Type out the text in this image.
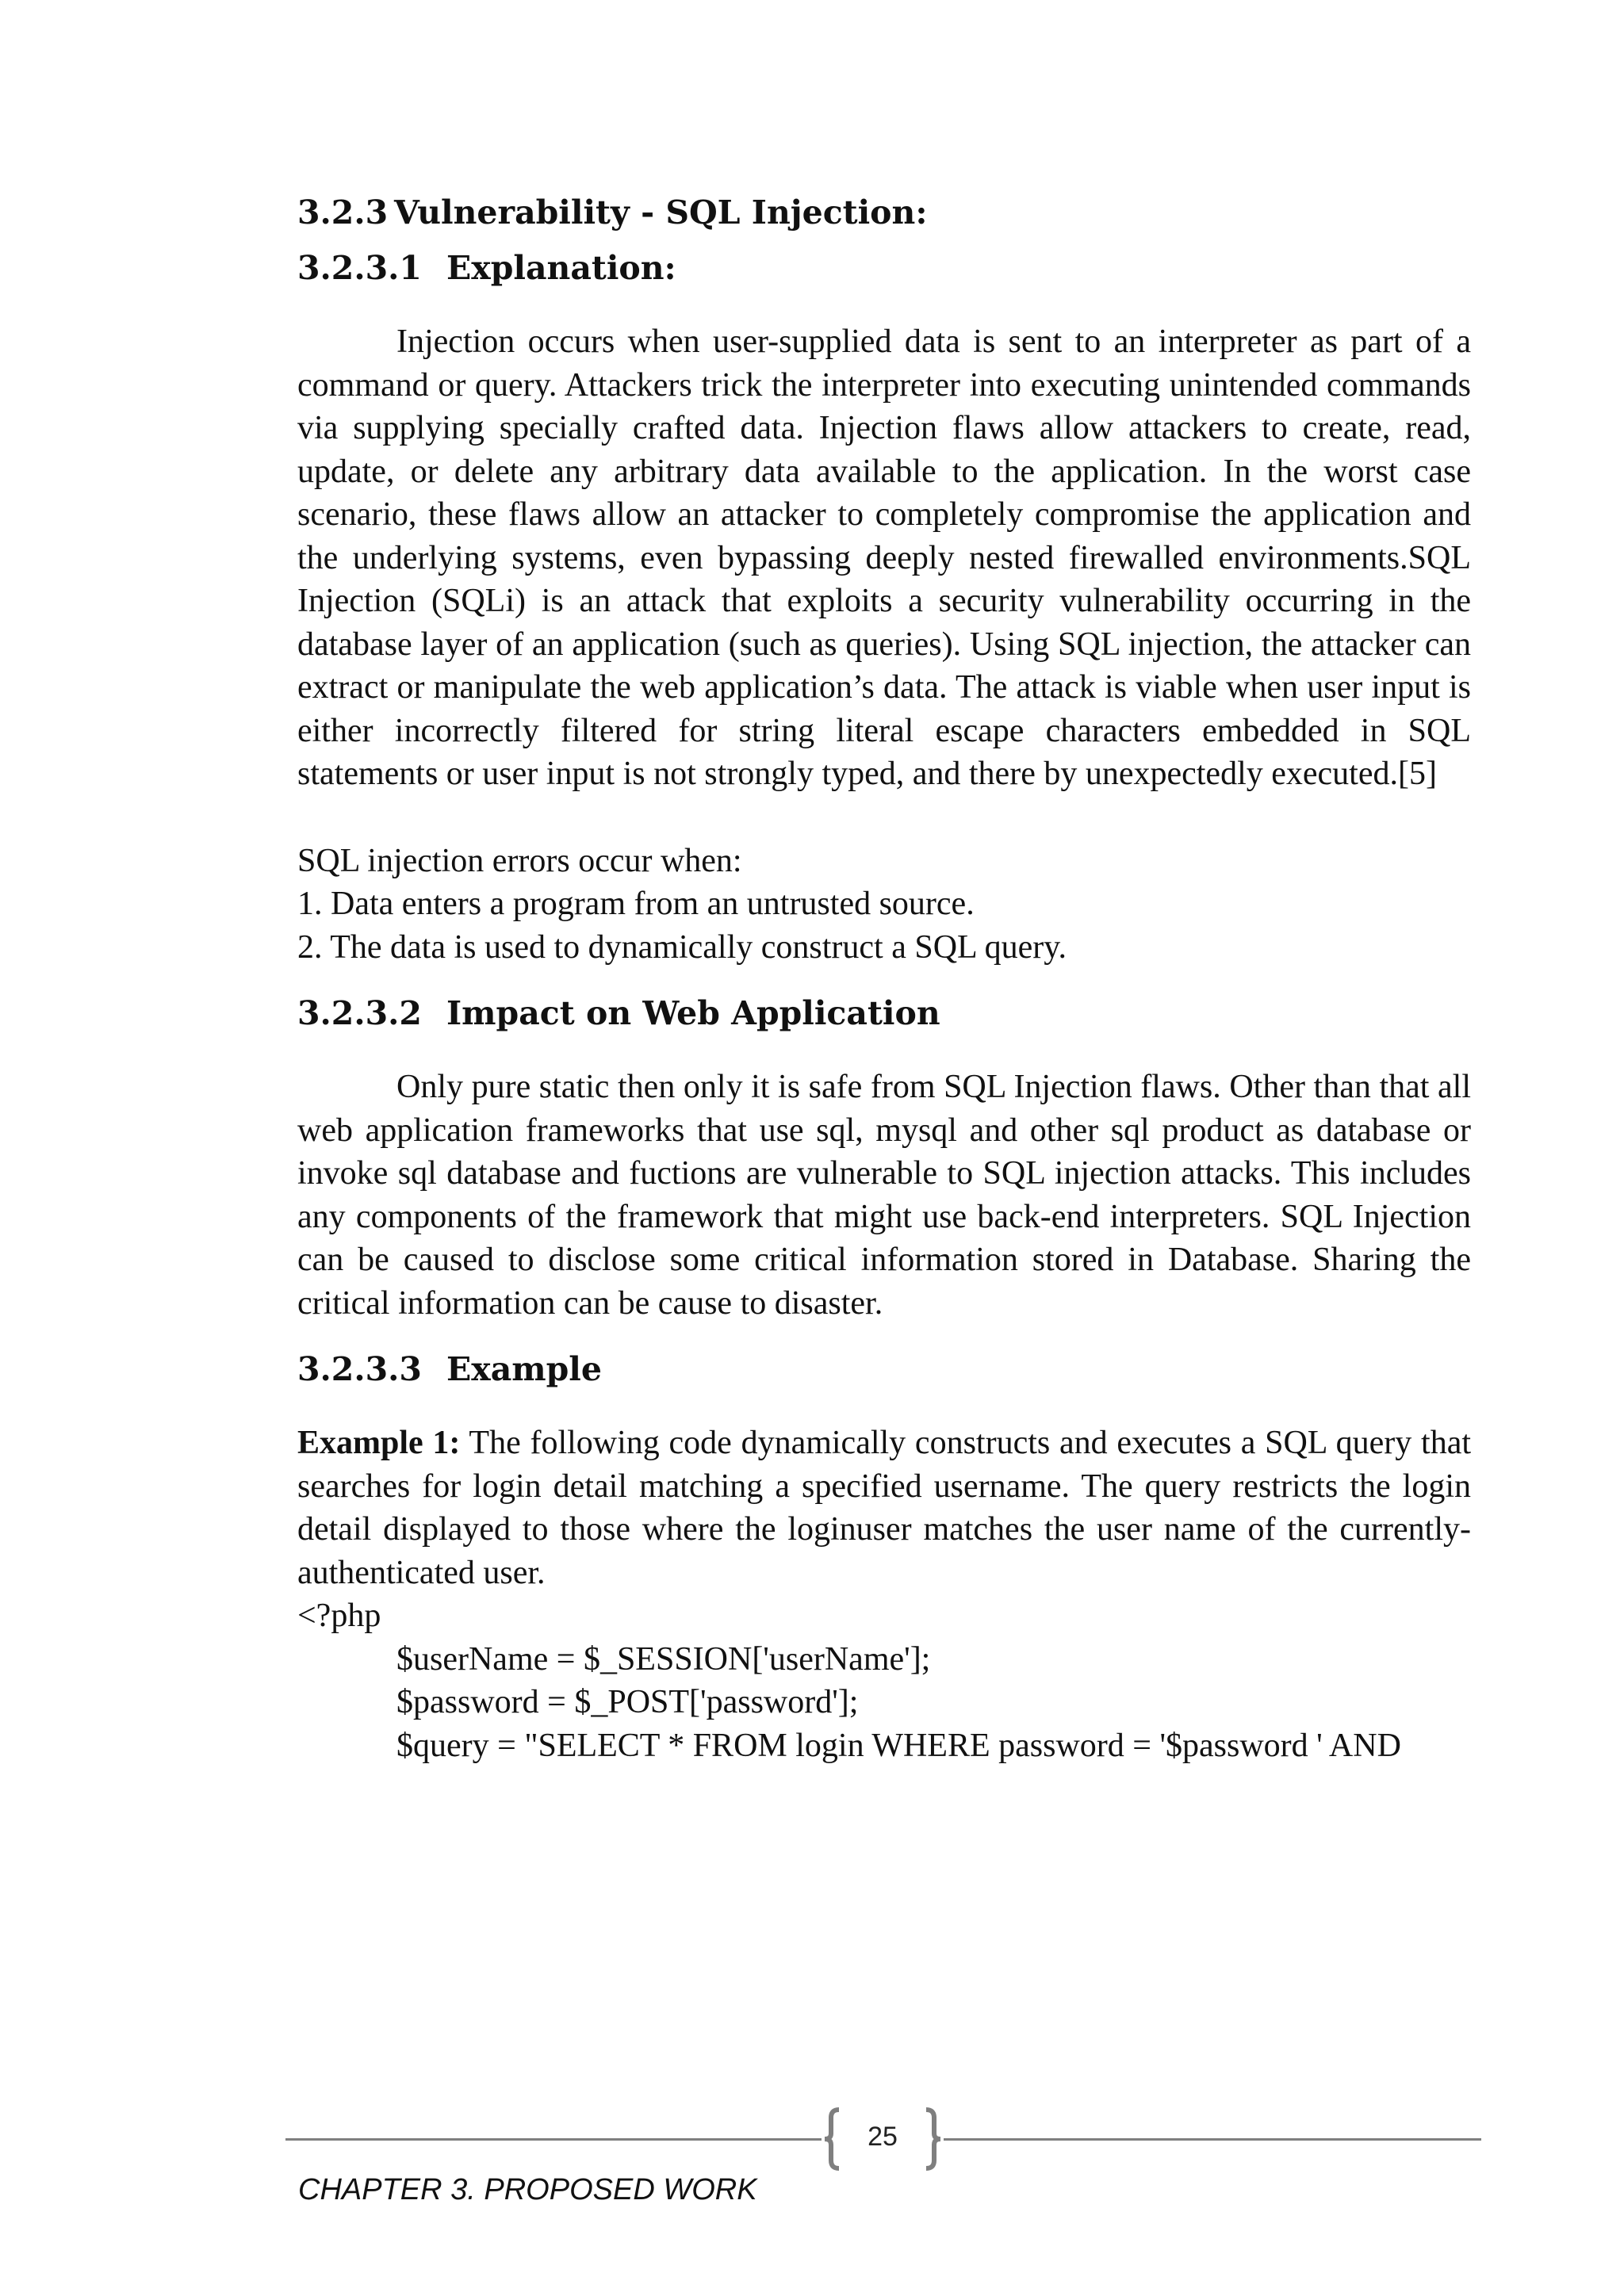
3.2.3 Vulnerability - SQL Injection:
3.2.3.1 Explanation:

Injection occurs when user-supplied data is sent to an interpreter as part of a command or query. Attackers trick the interpreter into executing unintended commands via supplying specially crafted data. Injection flaws allow attackers to create, read, update, or delete any arbitrary data available to the application. In the worst case scenario, these flaws allow an attacker to completely compromise the application and the underlying systems, even bypassing deeply nested firewalled environments.SQL Injection (SQLi) is an attack that exploits a security vulnerability occurring in the database layer of an application (such as queries). Using SQL injection, the attacker can extract or manipulate the web application’s data. The attack is viable when user input is either incorrectly filtered for string literal escape characters embedded in SQL statements or user input is not strongly typed, and there by unexpectedly executed.[5]

SQL injection errors occur when:
1. Data enters a program from an untrusted source.
2. The data is used to dynamically construct a SQL query.
3.2.3.2 Impact on Web Application

Only pure static then only it is safe from SQL Injection flaws. Other than that all web application frameworks that use sql, mysql and other sql product as database or invoke sql database and fuctions are vulnerable to SQL injection attacks. This includes any components of the framework that might use back-end interpreters. SQL Injection can be caused to disclose some critical information stored in Database. Sharing the critical information can be cause to disaster.

3.2.3.3 Example

Example 1: The following code dynamically constructs and executes a SQL query that searches for login detail matching a specified username. The query restricts the login detail displayed to those where the loginuser matches the user name of the currently-authenticated user.

<?php
$userName = $_SESSION['userName'];
$password = $_POST['password'];
$query = "SELECT * FROM login WHERE password = '$password ' AND
25
CHAPTER 3. PROPOSED WORK
